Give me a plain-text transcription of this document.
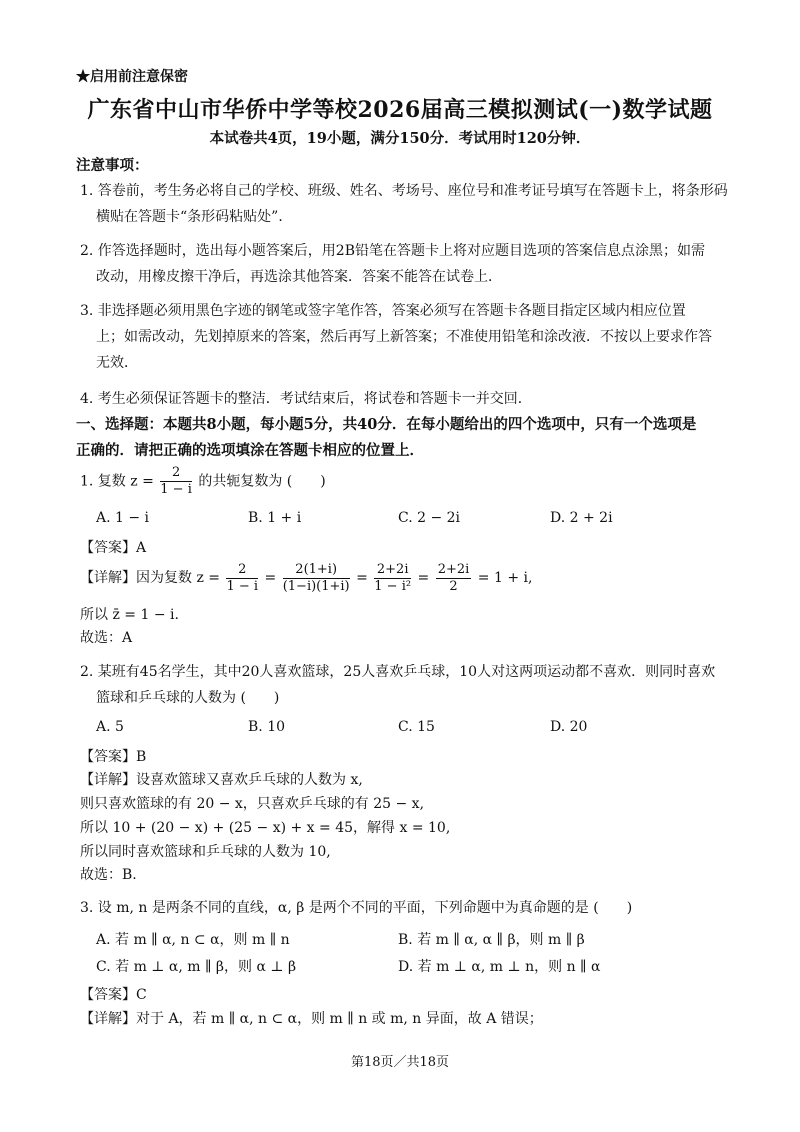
★启用前注意保密
广东省中山市华侨中学等校2026届高三模拟测试(一)数学试题
本试卷共4页，19小题，满分150分．考试用时120分钟．
注意事项：
1. 答卷前，考生务必将自己的学校、班级、姓名、考场号、座位号和准考证号填写在答题卡上，将条形码
横贴在答题卡“条形码粘贴处”．
2. 作答选择题时，选出每小题答案后，用2B铅笔在答题卡上将对应题目选项的答案信息点涂黑；如需
改动，用橡皮擦干净后，再选涂其他答案．答案不能答在试卷上．
3. 非选择题必须用黑色字迹的钢笔或签字笔作答，答案必须写在答题卡各题目指定区域内相应位置
上；如需改动，先划掉原来的答案，然后再写上新答案；不准使用铅笔和涂改液．不按以上要求作答
无效．
4. 考生必须保证答题卡的整洁．考试结束后，将试卷和答题卡一并交回．
一、选择题：本题共8小题，每小题5分，共40分．在每小题给出的四个选项中，只有一个选项是
正确的．请把正确的选项填涂在答题卡相应的位置上．
1. 复数 $z = \frac{2}{1 - i}$ 的共轭复数为 (　　)
A. 1 − i	B. 1 + i	C. 2 − 2i	D. 2 + 2i
【答案】A
【详解】因为复数 $z = \frac{2}{1 - i} = \frac{2(1+i)}{(1-i)(1+i)} = \frac{2+2i}{\text{1 − i²}} = \frac{2+2i}{2} = 1 + i$,
所以 z̄ = 1 − i.
故选：A
2. 某班有45名学生，其中20人喜欢篮球，25人喜欢乒乓球，10人对这两项运动都不喜欢．则同时喜欢
篮球和乒乓球的人数为 (　　)
A. 5	B. 10	C. 15	D. 20
【答案】B
【详解】设喜欢篮球又喜欢乒乓球的人数为 x,
则只喜欢篮球的有 20 − x，只喜欢乒乓球的有 25 − x,
所以 10 + (20 − x) + (25 − x) + x = 45，解得 x = 10,
所以同时喜欢篮球和乒乓球的人数为 10,
故选：B.
3. 设 m, n 是两条不同的直线，α, β 是两个不同的平面，下列命题中为真命题的是 (　　)
A. 若 m ∥ α, n ⊂ α，则 m ∥ n	B. 若 m ∥ α, α ∥ β，则 m ∥ β
C. 若 m ⊥ α, m ∥ β，则 α ⊥ β	D. 若 m ⊥ α, m ⊥ n，则 n ∥ α
【答案】C
【详解】对于 A，若 m ∥ α, n ⊂ α，则 m ∥ n 或 m, n 异面，故 A 错误；
第18页／共18页
